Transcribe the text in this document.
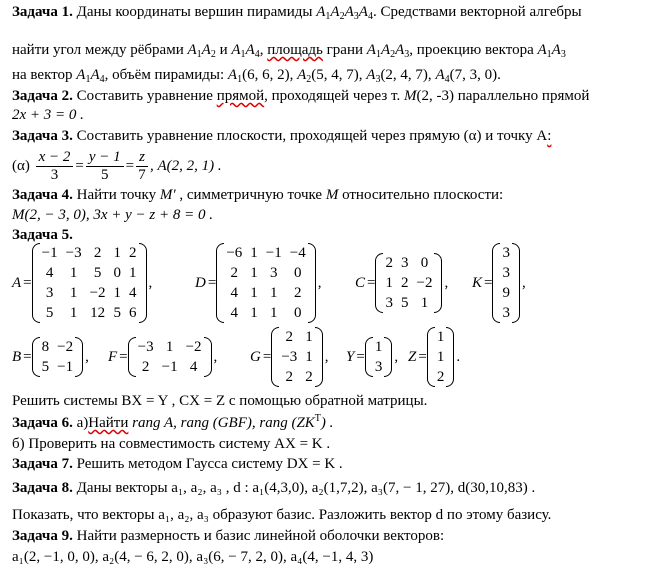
Задача 1. Даны координаты вершин пирамиды $A_1A_2A_3A_4$. Средствами векторной алгебры
найти угол между рёбрами $A_1A_2$ и $A_1A_4$, площадь грани $A_1A_2A_3$, проекцию вектора $A_1A_3$
на вектор $A_1A_4$, объём пирамиды: $A_1(6$, 6, 2), $A_2(5$, 4, 7), $A_3(2$, 4, 7), $A_4(7$, 3, 0).
Задача 2. Составить уравнение прямой, проходящей через т. M(2, -3) параллельно прямой
2x + 3 = 0 .
Задача 3. Составить уравнение плоскости, проходящей через прямую (α) и точку A:
$(\alpha) \frac{x - 2}{3} = \frac{y - 1}{5} = \frac{z}{7}$ , A(2, 2, 1) .
Задача 4. Найти точку M′ , симметричную точке M относительно плоскости:
M(2, − 3, 0), 3x + y − z + 8 = 0 .
Задача 5.
A =
−1	−3	2	1	2
4	1	5	0	1
3	1	−2	1	4
5	1	12	5	6
,	D =
−6	1	−1	−4
2	1	3	0
4	1	1	2
4	1	1	0
, C =
2	3	0
1	2	−2
3	5	1
, K =
3
3
9
3
,
B =
8	−2
5	−1
, F =
−3	1	−2
2	−1	4
, G =
2	1
−3	1
2	2
, Y =
1
3
, Z =
1
1
2
.
Решить системы BX = Y , CX = Z с помощью обратной матрицы.
Задача 6. а)Найти rang A, rang (GBF), rang $(ZK^T)$ .
б) Проверить на совместимость систему AX = K .
Задача 7. Решить методом Гаусса систему DX = K .
Задача 8. Даны векторы a₁, a₂, a₃ , d : a₁(4,3,0), a₂(1,7,2), a₃(7, − 1, 27), d(30,10,83) .
Показать, что векторы a₁, a₂, a₃ образуют базис. Разложить вектор d по этому базису.
Задача 9. Найти размерность и базис линейной оболочки векторов:
a₁(2, −1, 0, 0), a₂(4, − 6, 2, 0), a₃(6, − 7, 2, 0), a₄(4, −1, 4, 3)
